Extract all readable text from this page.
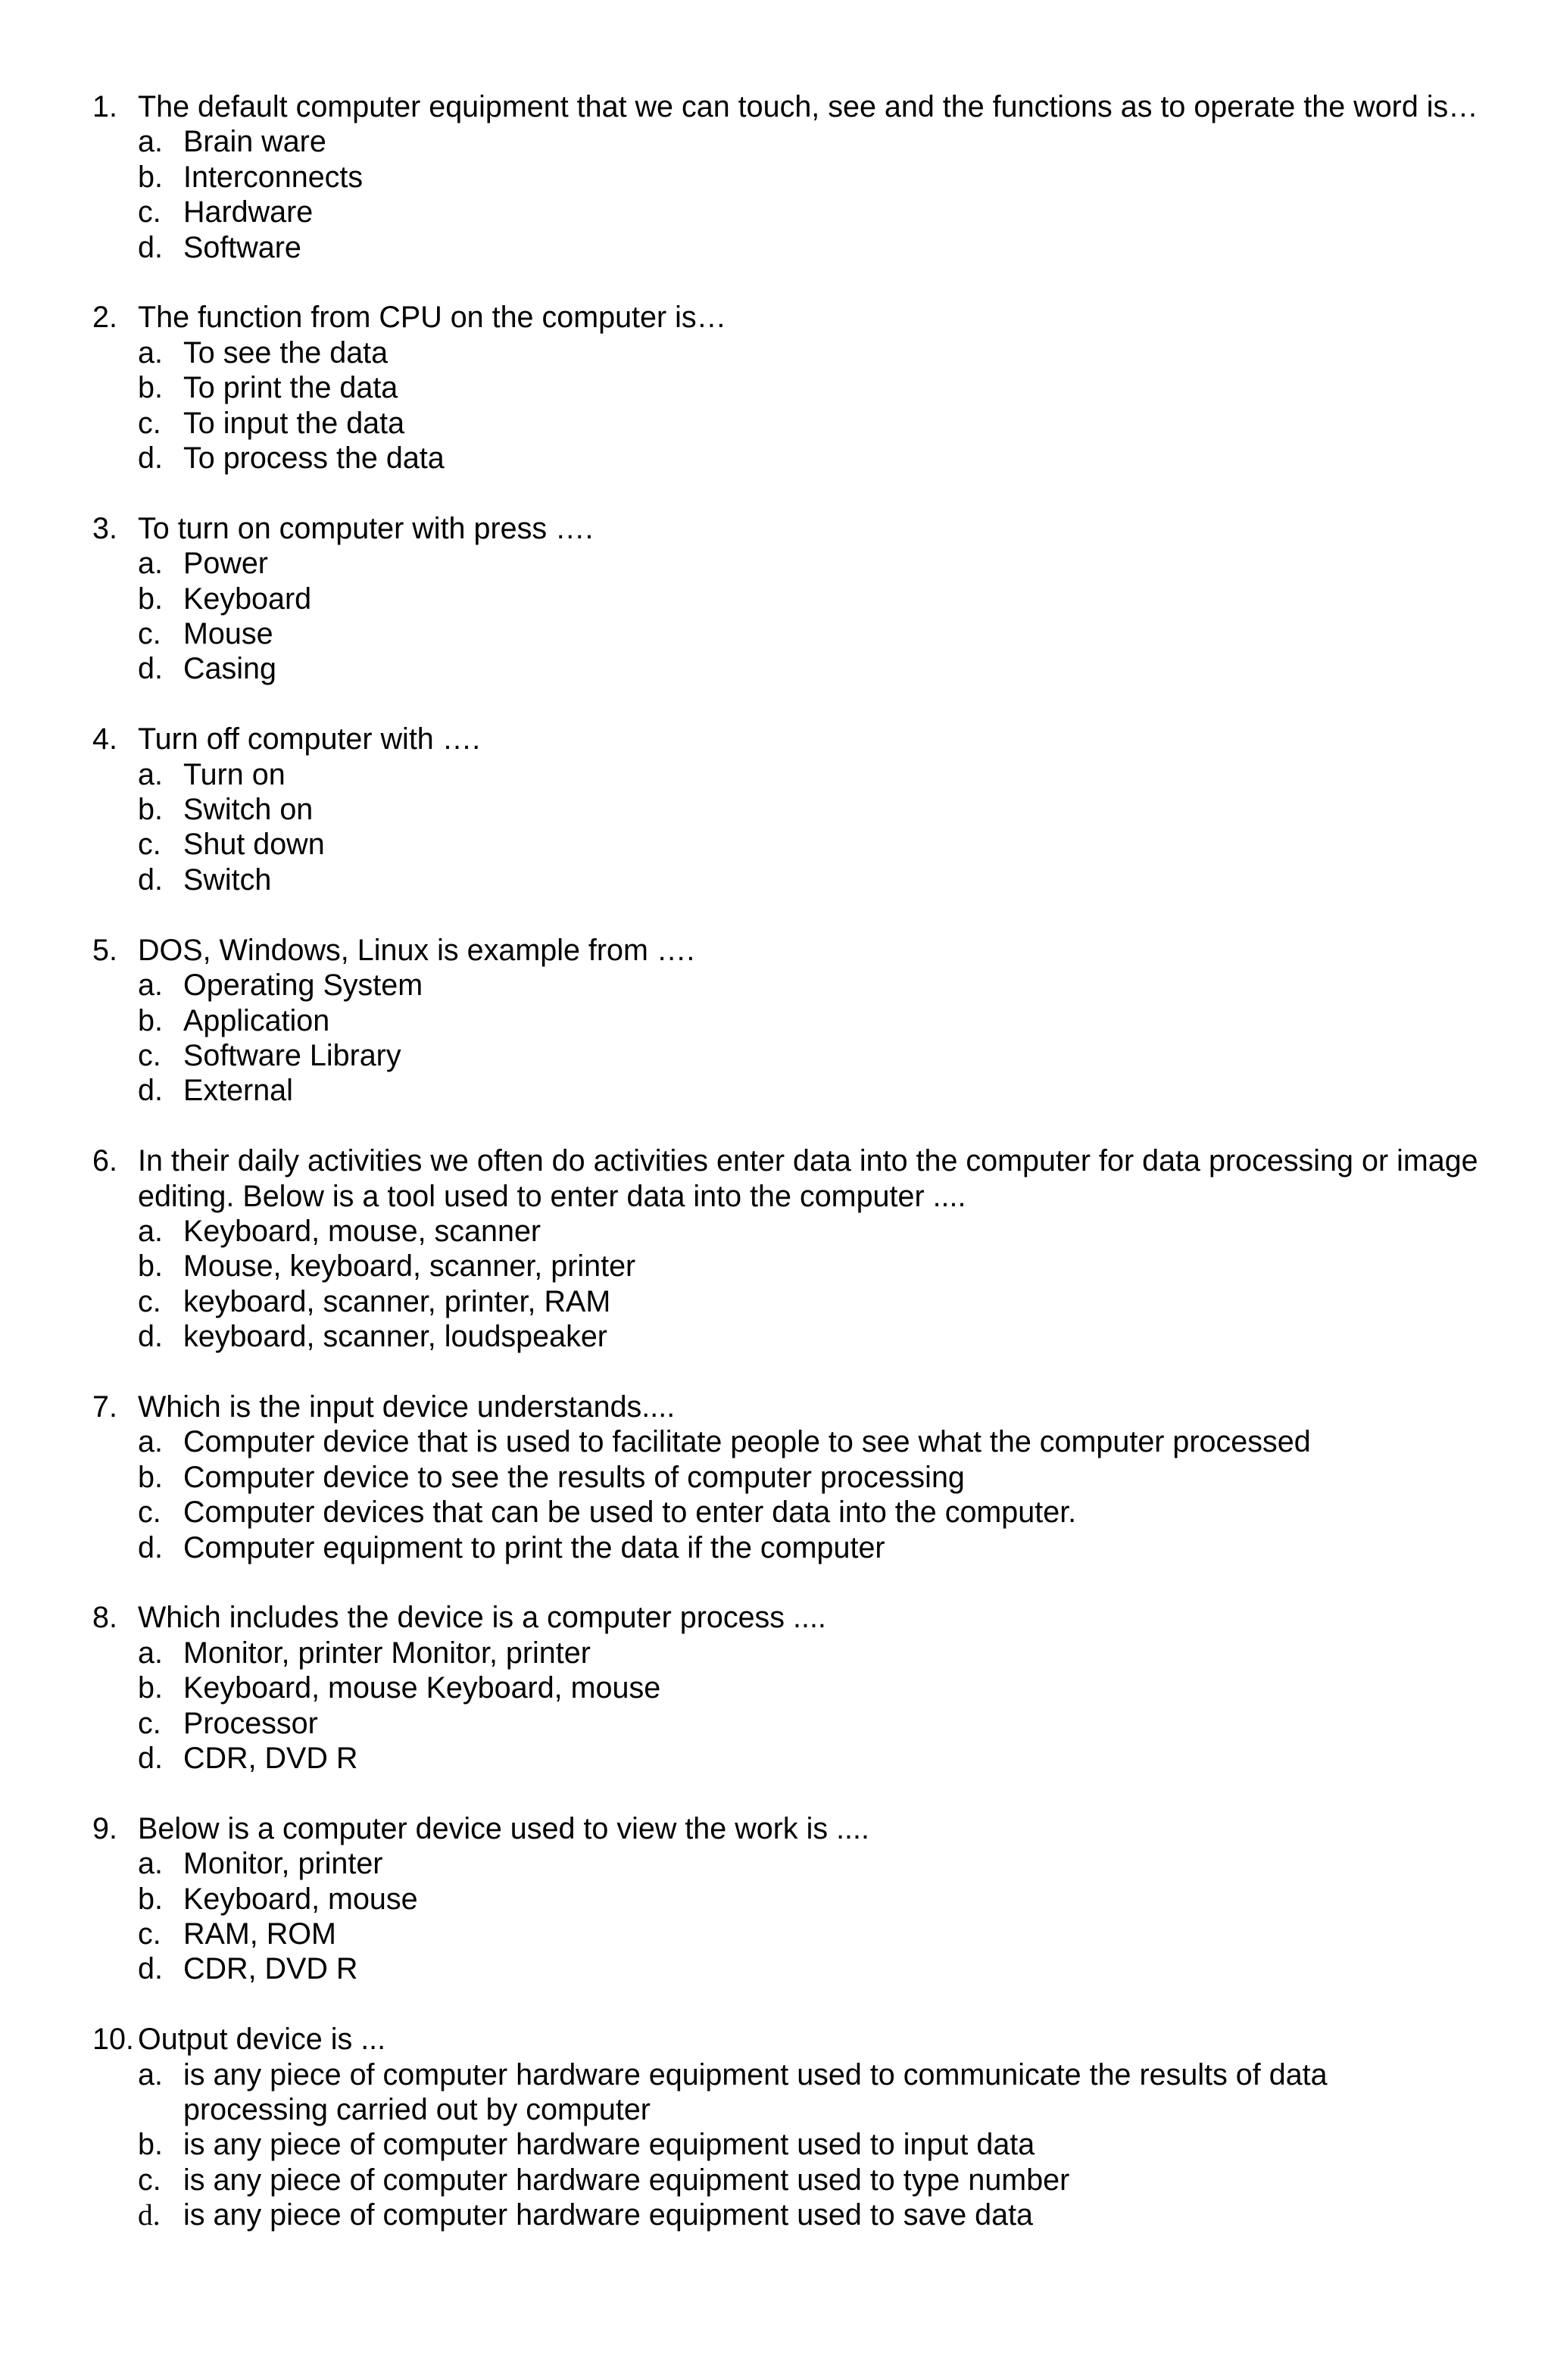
1. The default computer equipment that we can touch, see and the functions as to operate the word is…
a. Brain ware
b. Interconnects
c. Hardware
d. Software
2. The function from CPU on the computer is…
a. To see the data
b. To print the data
c. To input the data
d. To process the data
3. To turn on computer with press ….
a. Power
b. Keyboard
c. Mouse
d. Casing
4. Turn off computer with ….
a. Turn on
b. Switch on
c. Shut down
d. Switch
5. DOS, Windows, Linux is example from ….
a. Operating System
b. Application
c. Software Library
d. External
6. In their daily activities we often do activities enter data into the computer for data processing or image editing. Below is a tool used to enter data into the computer ....
a. Keyboard, mouse, scanner
b. Mouse, keyboard, scanner, printer
c. keyboard, scanner, printer, RAM
d. keyboard, scanner, loudspeaker
7. Which is the input device understands....
a. Computer device that is used to facilitate people to see what the computer processed
b. Computer device to see the results of computer processing
c. Computer devices that can be used to enter data into the computer.
d. Computer equipment to print the data if the computer
8. Which includes the device is a computer process ....
a. Monitor, printer Monitor, printer
b. Keyboard, mouse Keyboard, mouse
c. Processor
d. CDR, DVD R
9. Below is a computer device used to view the work is ....
a. Monitor, printer
b. Keyboard, mouse
c. RAM, ROM
d. CDR, DVD R
10. Output device is ...
a. is any piece of computer hardware equipment used to communicate the results of data processing carried out by computer
b. is any piece of computer hardware equipment used to input data
c. is any piece of computer hardware equipment used to type number
d. is any piece of computer hardware equipment used to save data
